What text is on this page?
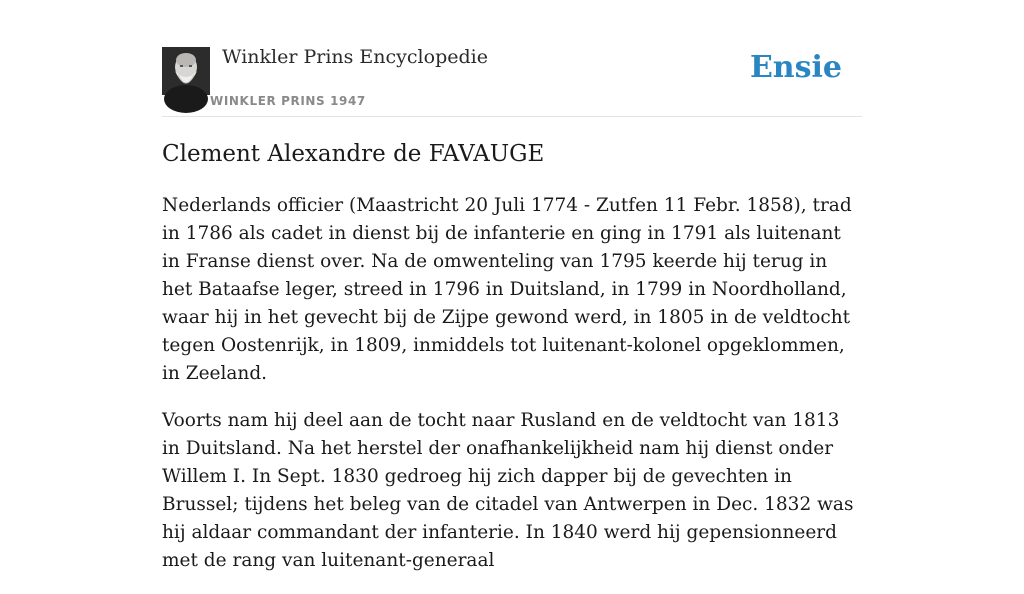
Winkler Prins Encyclopedie
WINKLER PRINS 1947
Ensie
Clement Alexandre de FAVAUGE

Nederlands officier (Maastricht 20 Juli 1774 - Zutfen 11 Febr. 1858), trad in 1786 als cadet in dienst bij de infanterie en ging in 1791 als luitenant in Franse dienst over. Na de omwenteling van 1795 keerde hij terug in het Bataafse leger, streed in 1796 in Duitsland, in 1799 in Noordholland, waar hij in het gevecht bij de Zijpe gewond werd, in 1805 in de veldtocht tegen Oostenrijk, in 1809, inmiddels tot luitenant-kolonel opgeklommen, in Zeeland.

Voorts nam hij deel aan de tocht naar Rusland en de veldtocht van 1813 in Duitsland. Na het herstel der onafhankelijkheid nam hij dienst onder Willem I. In Sept. 1830 gedroeg hij zich dapper bij de gevechten in Brussel; tijdens het beleg van de citadel van Antwerpen in Dec. 1832 was hij aldaar commandant der infanterie. In 1840 werd hij gepensionneerd met de rang van luitenant-generaal
